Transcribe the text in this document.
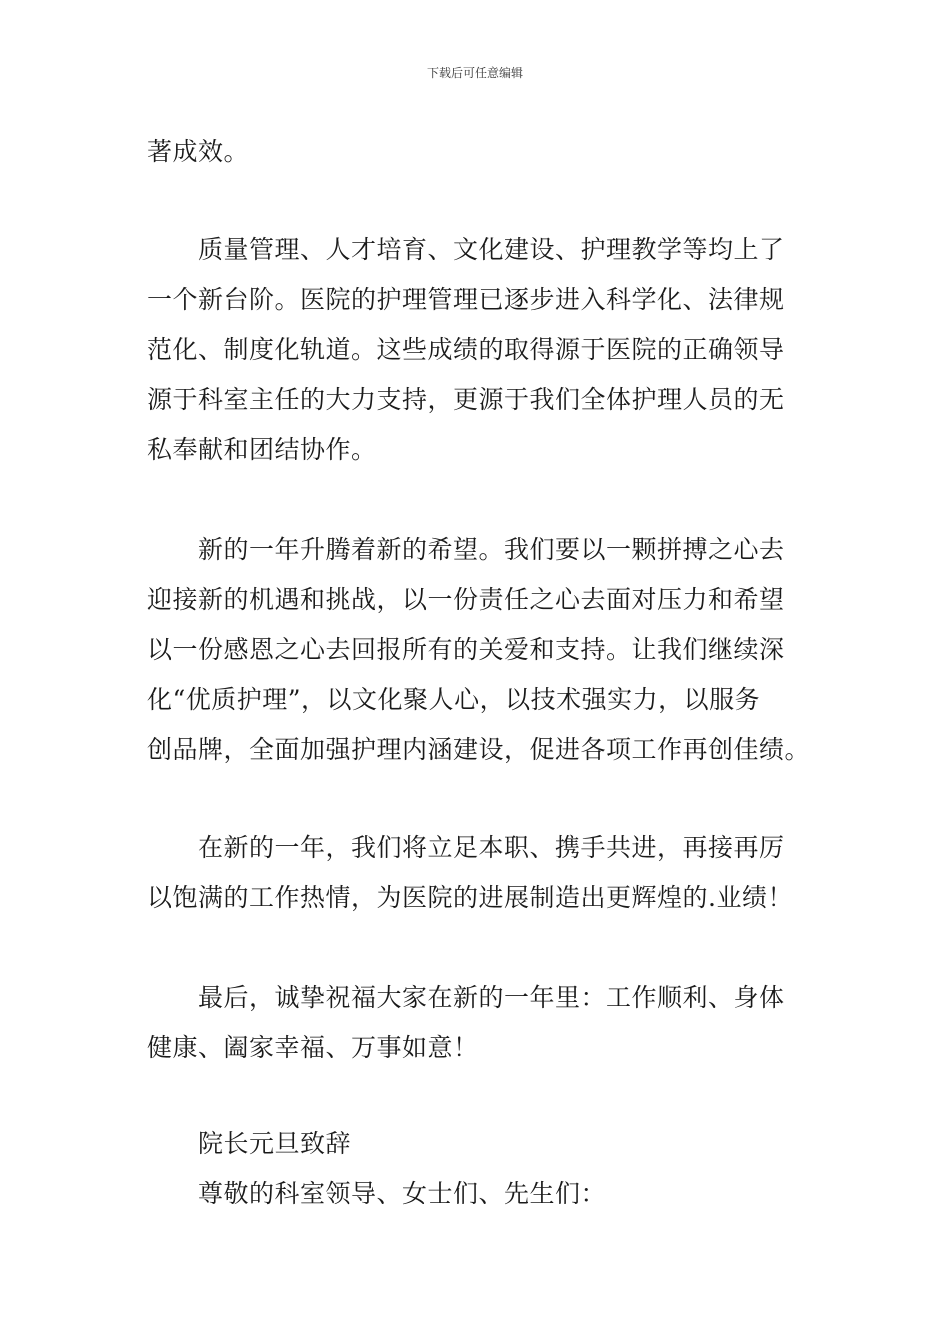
下载后可任意编辑
著成效。
质量管理、人才培育、文化建设、护理教学等均上了
一个新台阶。医院的护理管理已逐步进入科学化、法律规
范化、制度化轨道。这些成绩的取得源于医院的正确领导
源于科室主任的大力支持，更源于我们全体护理人员的无
私奉献和团结协作。
新的一年升腾着新的希望。我们要以一颗拼搏之心去
迎接新的机遇和挑战，以一份责任之心去面对压力和希望
以一份感恩之心去回报所有的关爱和支持。让我们继续深
化“优质护理”，以文化聚人心，以技术强实力，以服务
创品牌，全面加强护理内涵建设，促进各项工作再创佳绩。
在新的一年，我们将立足本职、携手共进，再接再厉
以饱满的工作热情，为医院的进展制造出更辉煌的.业绩！
最后，诚挚祝福大家在新的一年里：工作顺利、身体
健康、阖家幸福、万事如意！
院长元旦致辞
尊敬的科室领导、女士们、先生们：
